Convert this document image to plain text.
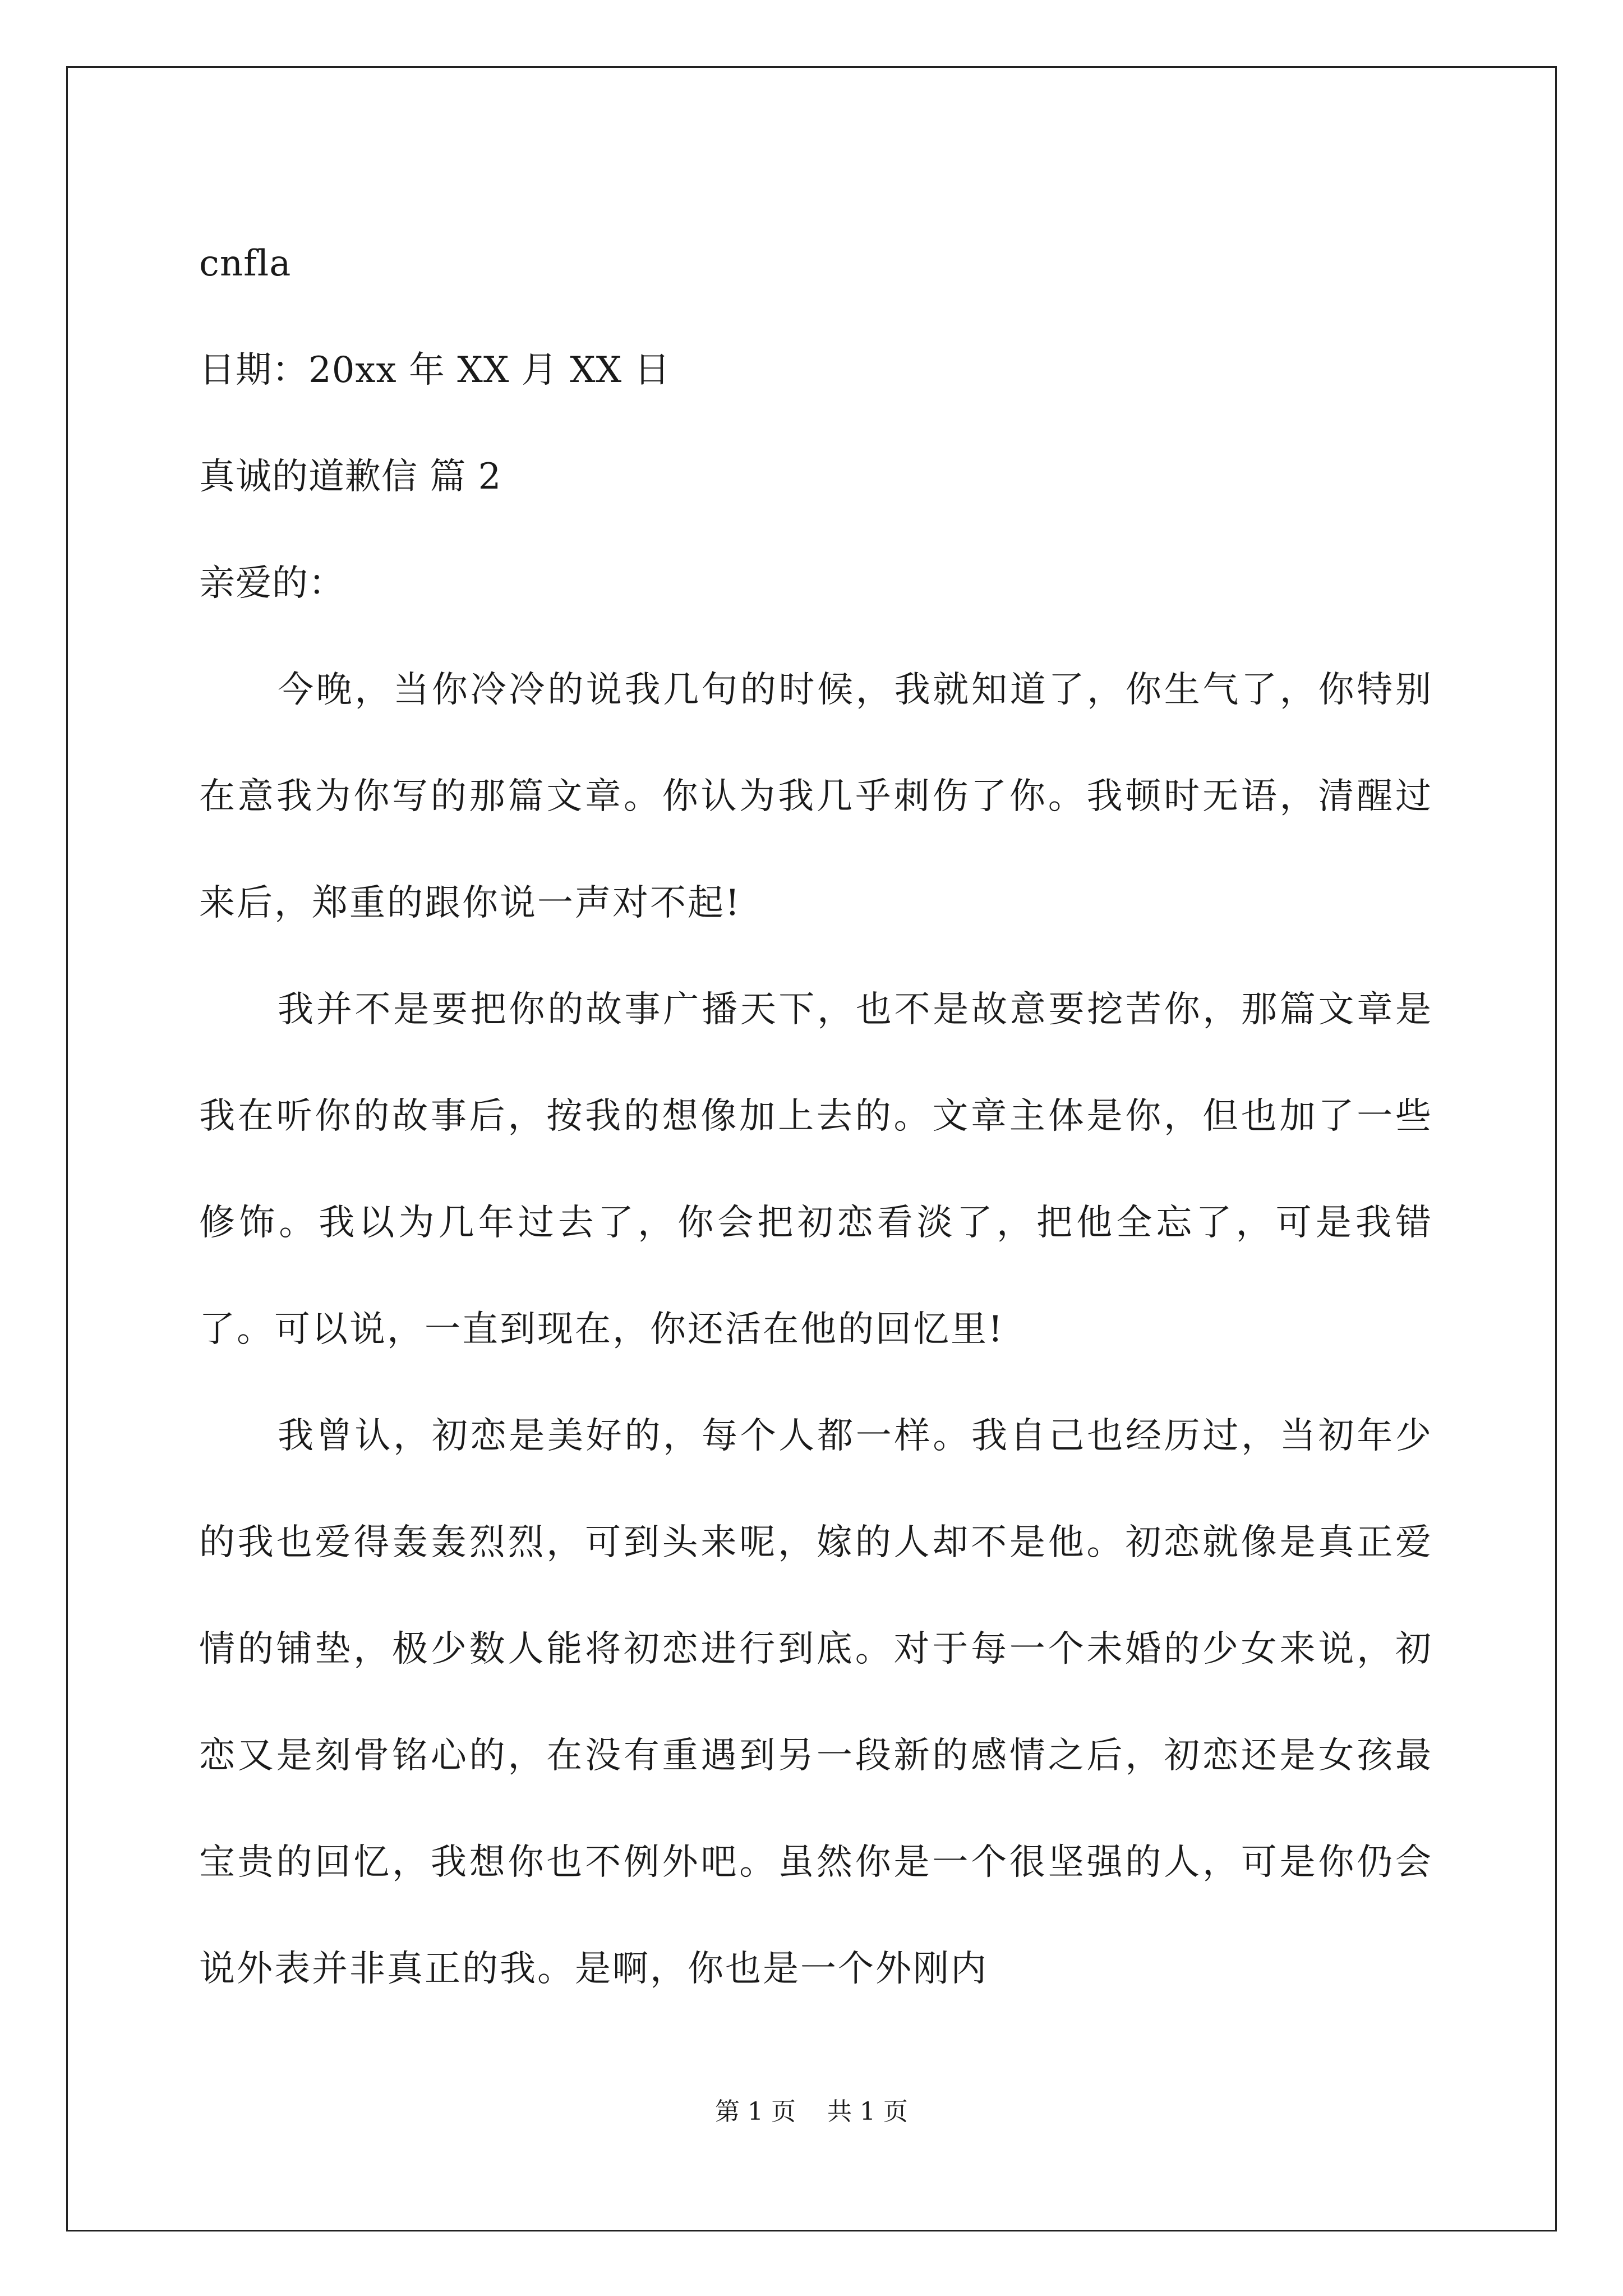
cnfla
日期：20xx 年 XX 月 XX 日
真诚的道歉信 篇 2
亲爱的：
今晚，当你冷冷的说我几句的时候，我就知道了，你生气了，你特别在意我为你写的那篇文章。你认为我几乎刺伤了你。我顿时无语，清醒过来后，郑重的跟你说一声对不起!
我并不是要把你的故事广播天下，也不是故意要挖苦你，那篇文章是我在听你的故事后，按我的想像加上去的。文章主体是你，但也加了一些修饰。我以为几年过去了，你会把初恋看淡了，把他全忘了，可是我错了。可以说，一直到现在，你还活在他的回忆里!
我曾认，初恋是美好的，每个人都一样。我自己也经历过，当初年少的我也爱得轰轰烈烈，可到头来呢，嫁的人却不是他。初恋就像是真正爱情的铺垫，极少数人能将初恋进行到底。对于每一个未婚的少女来说，初恋又是刻骨铭心的，在没有重遇到另一段新的感情之后，初恋还是女孩最宝贵的回忆，我想你也不例外吧。虽然你是一个很坚强的人，可是你仍会说外表并非真正的我。是啊，你也是一个外刚内
第 1 页    共 1 页
